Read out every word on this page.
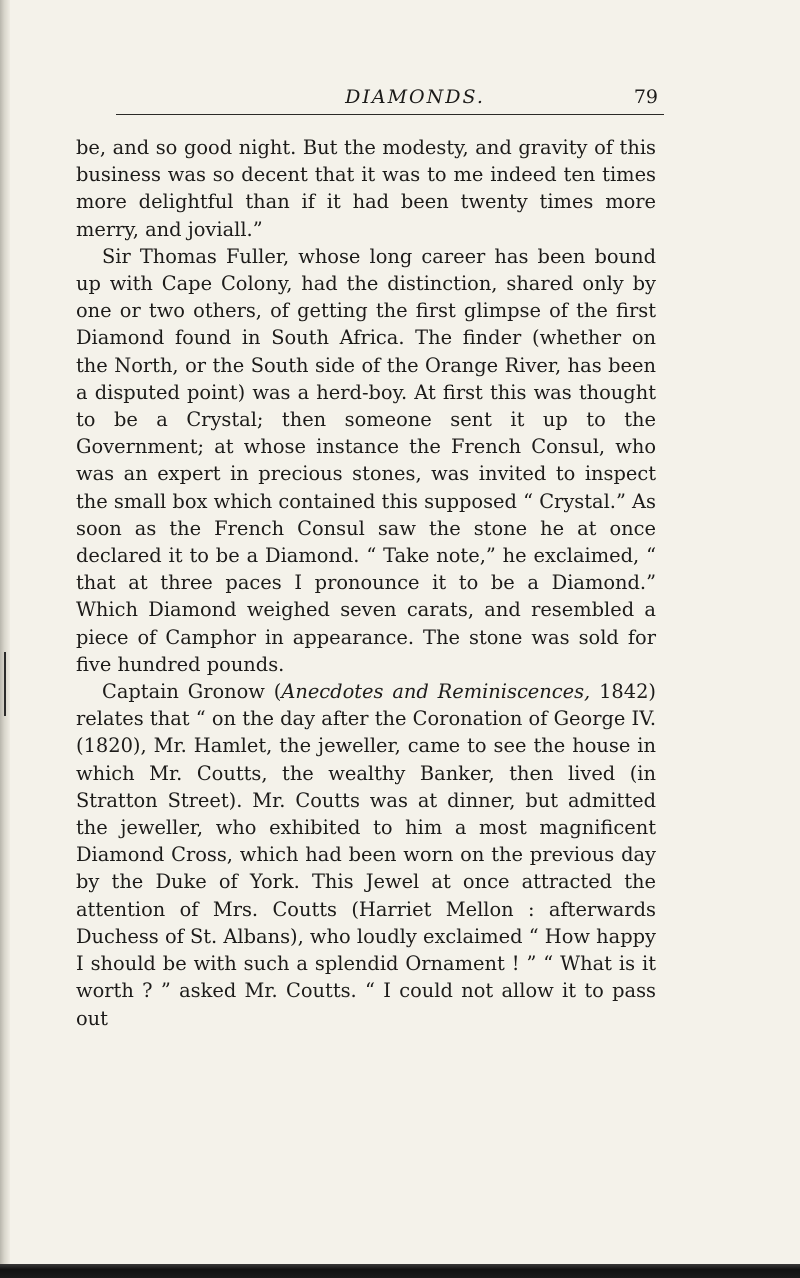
DIAMONDS.	79

be, and so good night. But the modesty, and gravity of this business was so decent that it was to me indeed ten times more delightful than if it had been twenty times more merry, and joviall.”

Sir Thomas Fuller, whose long career has been bound up with Cape Colony, had the distinction, shared only by one or two others, of getting the first glimpse of the first Diamond found in South Africa. The finder (whether on the North, or the South side of the Orange River, has been a disputed point) was a herd-boy. At first this was thought to be a Crystal; then someone sent it up to the Government; at whose instance the French Consul, who was an expert in precious stones, was invited to inspect the small box which contained this supposed “ Crystal.” As soon as the French Consul saw the stone he at once declared it to be a Diamond. “ Take note,” he exclaimed, “ that at three paces I pronounce it to be a Diamond.” Which Diamond weighed seven carats, and resembled a piece of Camphor in appearance. The stone was sold for five hundred pounds.

Captain Gronow (Anecdotes and Reminiscences, 1842) relates that “ on the day after the Coronation of George IV. (1820), Mr. Hamlet, the jeweller, came to see the house in which Mr. Coutts, the wealthy Banker, then lived (in Stratton Street). Mr. Coutts was at dinner, but admitted the jeweller, who exhibited to him a most magnificent Diamond Cross, which had been worn on the previous day by the Duke of York. This Jewel at once attracted the attention of Mrs. Coutts (Harriet Mellon : afterwards Duchess of St. Albans), who loudly exclaimed “ How happy I should be with such a splendid Ornament ! ” “ What is it worth ? ” asked Mr. Coutts. “ I could not allow it to pass out
